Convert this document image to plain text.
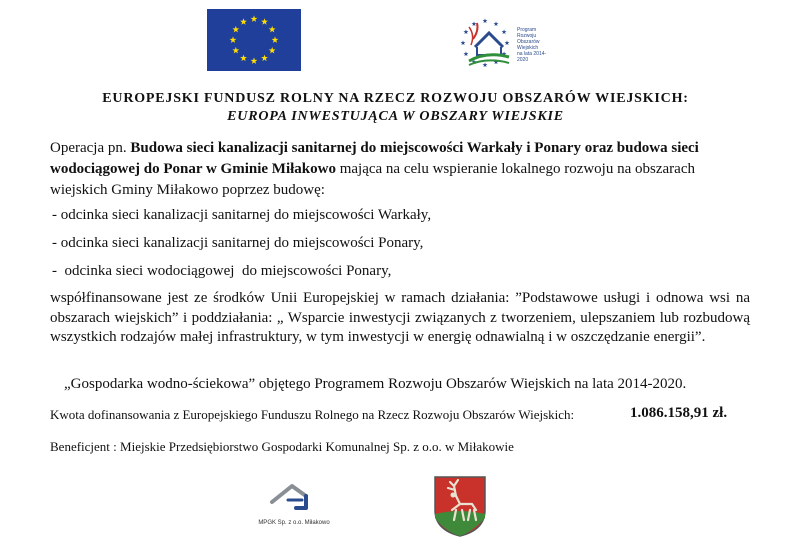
Program
Rozwoju
Obszarów
Wiejskich
na lata 2014-2020
EUROPEJSKI FUNDUSZ ROLNY NA RZECZ ROZWOJU OBSZARÓW WIEJSKICH:
EUROPA INWESTUJĄCA W OBSZARY WIEJSKIE
Operacja pn. Budowa sieci kanalizacji sanitarnej do miejscowości Warkały i Ponary oraz budowa sieci wodociągowej do Ponar w Gminie Miłakowo mająca na celu wspieranie lokalnego rozwoju na obszarach wiejskich Gminy Miłakowo poprzez budowę:
- odcinka sieci kanalizacji sanitarnej do miejscowości Warkały,
- odcinka sieci kanalizacji sanitarnej do miejscowości Ponary,
-  odcinka sieci wodociągowej  do miejscowości Ponary,
współfinansowane jest ze środków Unii Europejskiej w ramach działania: ”Podstawowe usługi i odnowa wsi na obszarach wiejskich” i poddziałania: „ Wsparcie inwestycji związanych z tworzeniem, ulepszaniem lub rozbudową wszystkich rodzajów małej infrastruktury, w tym inwestycji w energię odnawialną i w oszczędzanie energii”.
„Gospodarka wodno-ściekowa” objętego Programem Rozwoju Obszarów Wiejskich na lata 2014-2020.
Kwota dofinansowania z Europejskiego Funduszu Rolnego na Rzecz Rozwoju Obszarów Wiejskich:	1.086.158,91 zł.
Beneficjent : Miejskie Przedsiębiorstwo Gospodarki Komunalnej Sp. z o.o. w Miłakowie
MPGK Sp. z o.o. Miłakowo
